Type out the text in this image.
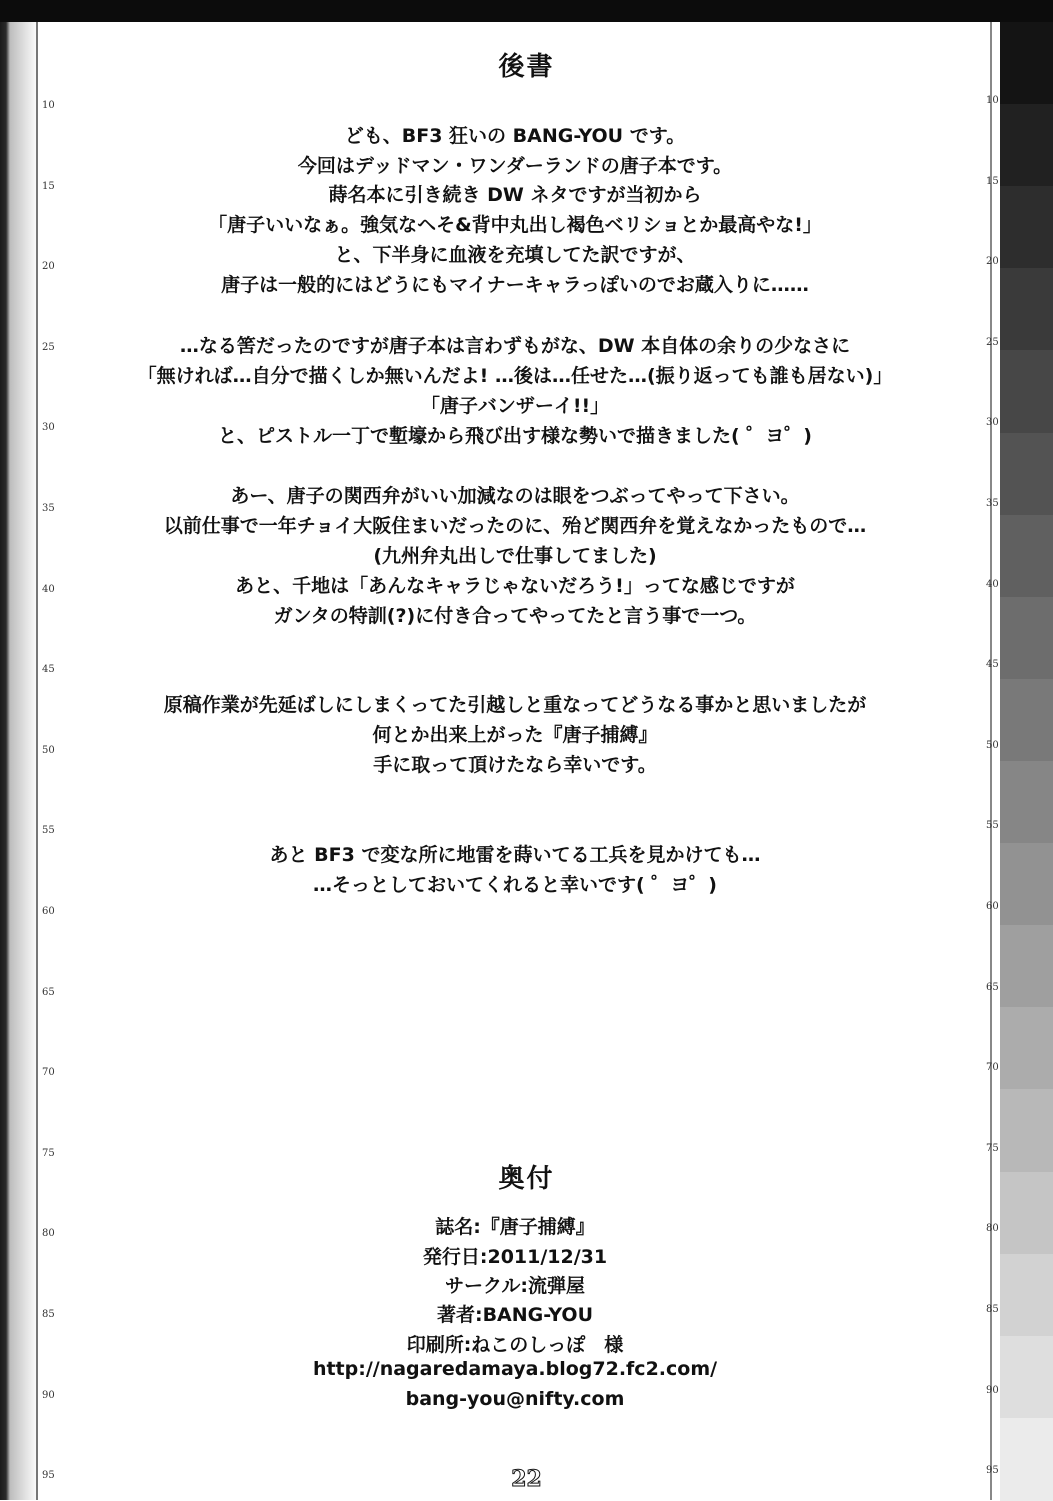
10	10
15	15
20	20
25	25
30	30
35	35
40	40
45	45
50	50
55	55
60	60
65	65
70	70
75	75
80	80
85	85
90	90
95	95
後書
ども、BF3 狂いの BANG-YOU です。
今回はデッドマン・ワンダーランドの唐子本です。
蒔名本に引き続き DW ネタですが当初から
「唐子いいなぁ。強気なヘそ&背中丸出し褐色ベリショとか最高やな!」
と、下半身に血液を充填してた訳ですが、
唐子は一般的にはどうにもマイナーキャラっぽいのでお蔵入りに……
…なる筈だったのですが唐子本は言わずもがな、DW 本自体の余りの少なさに
「無ければ…自分で描くしか無いんだよ! …後は…任せた…(振り返っても誰も居ない)」
「唐子バンザーイ!!」
と、ピストル一丁で塹壕から飛び出す様な勢いで描きました( ゜ヨ゜)
あー、唐子の関西弁がいい加減なのは眼をつぶってやって下さい。
以前仕事で一年チョイ大阪住まいだったのに、殆ど関西弁を覚えなかったもので…
(九州弁丸出しで仕事してました)
あと、千地は「あんなキャラじゃないだろう!」ってな感じですが
ガンタの特訓(?)に付き合ってやってたと言う事で一つ。
原稿作業が先延ばしにしまくってた引越しと重なってどうなる事かと思いましたが
何とか出来上がった『唐子捕縛』
手に取って頂けたなら幸いです。
あと BF3 で変な所に地雷を蒔いてる工兵を見かけても…
…そっとしておいてくれると幸いです( ゜ヨ゜)
奥付
誌名:『唐子捕縛』
発行日:2011/12/31
サークル:流弾屋
著者:BANG-YOU
印刷所:ねこのしっぽ　様
http://nagaredamaya.blog72.fc2.com/
bang-you@nifty.com
22
